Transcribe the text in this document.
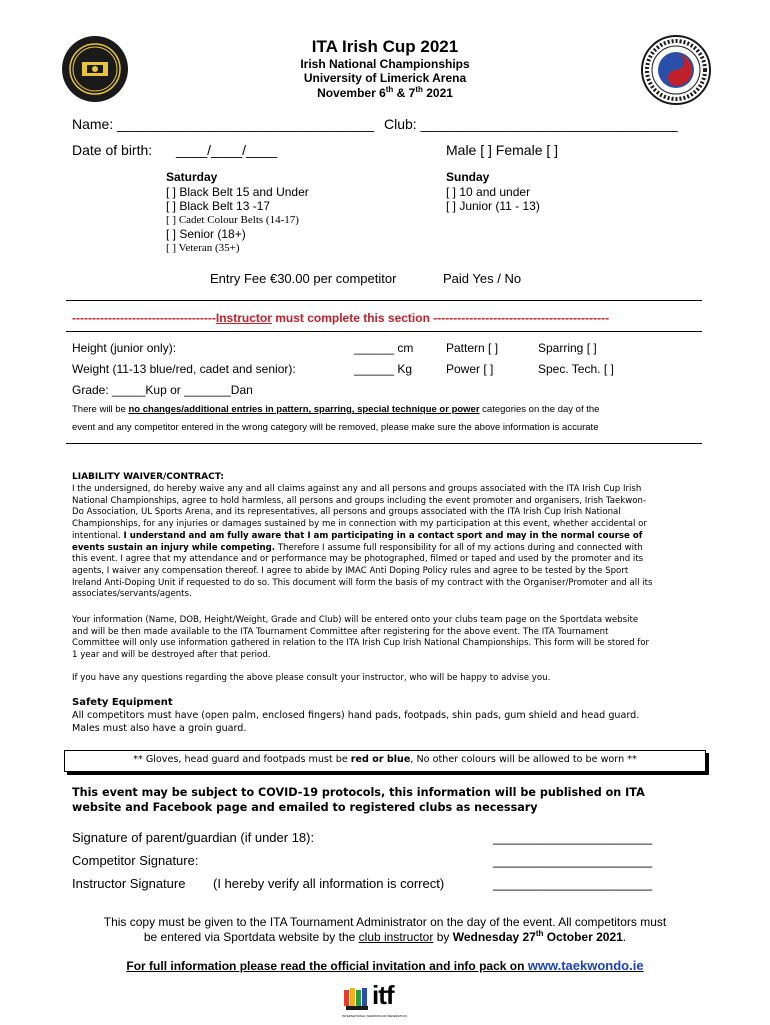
ITA Irish Cup 2021
Irish National Championships
University of Limerick Arena
November 6th & 7th 2021
Name: _________________________________ Club: _________________________________
Date of birth: ____/____/____	Male [ ] Female [ ]
Saturday
[ ] Black Belt 15 and Under
[ ] Black Belt 13 -17
[ ] Cadet Colour Belts (14-17)
[ ] Senior (18+)
[ ] Veteran (35+)
Sunday
[ ] 10 and under
[ ] Junior (11 - 13)
Entry Fee €30.00 per competitor	Paid Yes / No
------------------------------------Instructor must complete this section --------------------------------------------
Height (junior only):	______ cm	Pattern [ ]	Sparring [ ]
Weight (11-13 blue/red, cadet and senior):	______ Kg	Power [ ]	Spec. Tech. [ ]
Grade: _____Kup or _______Dan
There will be no changes/additional entries in pattern, sparring, special technique or power categories on the day of the
event and any competitor entered in the wrong category will be removed, please make sure the above information is accurate
LIABILITY WAIVER/CONTRACT:
I the undersigned, do hereby waive any and all claims against any and all persons and groups associated with the ITA Irish Cup Irish
National Championships, agree to hold harmless, all persons and groups including the event promoter and organisers, Irish Taekwon-
Do Association, UL Sports Arena, and its representatives, all persons and groups associated with the ITA Irish Cup Irish National
Championships, for any injuries or damages sustained by me in connection with my participation at this event, whether accidental or
intentional. I understand and am fully aware that I am participating in a contact sport and may in the normal course of
events sustain an injury while competing. Therefore I assume full responsibility for all of my actions during and connected with
this event. I agree that my attendance and or performance may be photographed, filmed or taped and used by the promoter and its
agents, I waiver any compensation thereof. I agree to abide by IMAC Anti Doping Policy rules and agree to be tested by the Sport
Ireland Anti-Doping Unit if requested to do so. This document will form the basis of my contract with the Organiser/Promoter and all its
associates/servants/agents.
Your information (Name, DOB, Height/Weight, Grade and Club) will be entered onto your clubs team page on the Sportdata website
and will be then made available to the ITA Tournament Committee after registering for the above event. The ITA Tournament
Committee will only use information gathered in relation to the ITA Irish Cup Irish National Championships. This form will be stored for
1 year and will be destroyed after that period.
If you have any questions regarding the above please consult your instructor, who will be happy to advise you.
Safety Equipment
All competitors must have (open palm, enclosed fingers) hand pads, footpads, shin pads, gum shield and head guard.
Males must also have a groin guard.
** Gloves, head guard and footpads must be red or blue, No other colours will be allowed to be worn **
This event may be subject to COVID-19 protocols, this information will be published on ITA
website and Facebook page and emailed to registered clubs as necessary
Signature of parent/guardian (if under 18):	______________________
Competitor Signature:	______________________
Instructor Signature (I hereby verify all information is correct)	______________________
This copy must be given to the ITA Tournament Administrator on the day of the event. All competitors must
be entered via Sportdata website by the club instructor by Wednesday 27th October 2021.
For full information please read the official invitation and info pack on www.taekwondo.ie
itf
INTERNATIONAL TAEKWON-DO FEDERATION
